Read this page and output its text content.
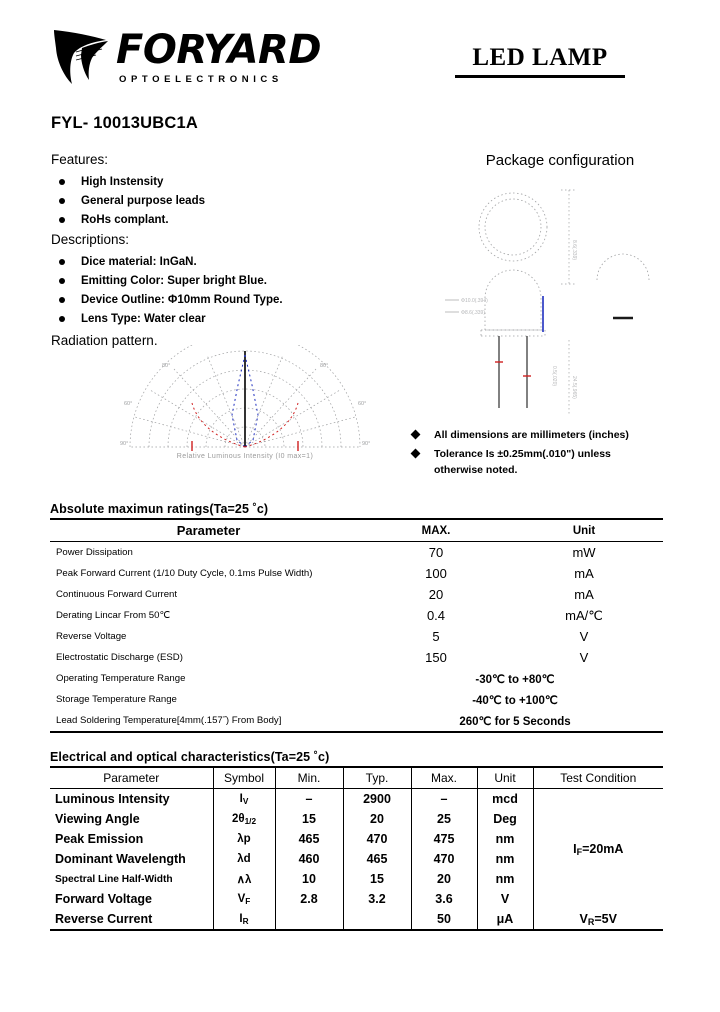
FORYARD
OPTOELECTRONICS
LED LAMP
FYL- 10013UBC1A
Features:
High Instensity
General purpose leads
RoHs complant.
Descriptions:
Dice material: InGaN.
Emitting Color: Super bright Blue.
Device Outline: Φ10mm Round Type.
Lens Type: Water clear
Radiation pattern.
80°	80°
60°	60°
90°	90°
Relative Luminous Intensity (I0 max=1)
Package configuration
Φ10.0(.394)
Φ8.6(.339)
8.6(.339)
24.5(.965)
0.5(.020)
All dimensions are millimeters (inches)
Tolerance Is ±0.25mm(.010") unless
otherwise noted.
Absolute maximun ratings(Ta=25 ˚c)
Parameter	MAX.	Unit
Power Dissipation	70	mW
Peak Forward Current (1/10 Duty Cycle, 0.1ms Pulse Width)	100	mA
Continuous Forward Current	20	mA
Derating Lincar From 50℃	0.4	mA/℃
Reverse Voltage	5	V
Electrostatic Discharge (ESD)	150	V
Operating Temperature Range	-30℃ to +80℃	
Storage Temperature Range	-40℃ to +100℃	
Lead Soldering Temperature[4mm(.157˝) From Body]	260℃ for 5 Seconds	
Electrical and optical characteristics(Ta=25 ˚c)
Parameter	Symbol	Min.	Typ.	Max.	Unit	Test Condition
Luminous Intensity	$I_V$	–	2900	–	mcd	$I_F=20mA$
Viewing Angle	$2\theta_{1/2}$	15	20	25	Deg	
Peak Emission	λp	465	470	475	nm	
Dominant Wavelength	λd	460	465	470	nm	
Spectral Line Half-Width	∧λ	10	15	20	nm	
Forward Voltage	$V_F$	2.8	3.2	3.6	V	
Reverse Current	$I_R$			50	μA	$V_R=5V$
